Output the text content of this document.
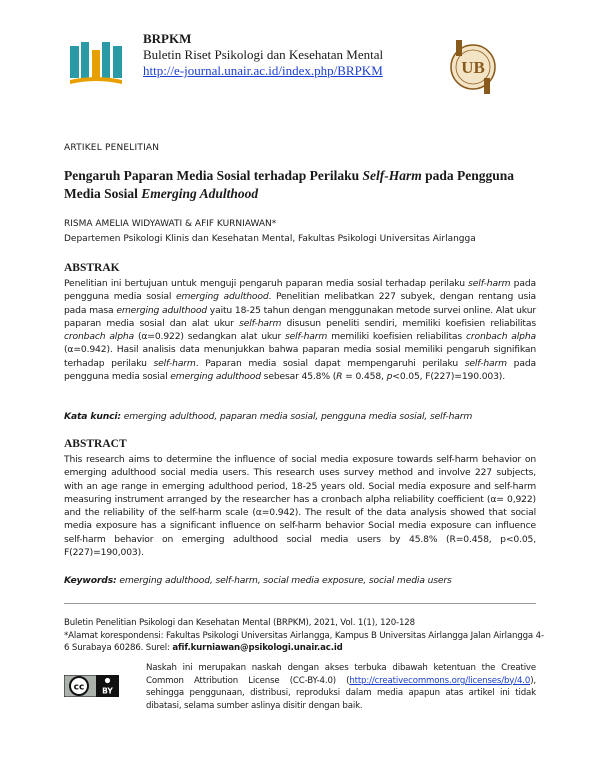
BRPKM
Buletin Riset Psikologi dan Kesehatan Mental
http://e-journal.unair.ac.id/index.php/BRPKM	UB
ARTIKEL PENELITIAN
Pengaruh Paparan Media Sosial terhadap Perilaku Self-Harm pada Pengguna Media Sosial Emerging Adulthood
RISMA AMELIA WIDYAWATI & AFIF KURNIAWAN*
Departemen Psikologi Klinis dan Kesehatan Mental, Fakultas Psikologi Universitas Airlangga
ABSTRAK
Penelitian ini bertujuan untuk menguji pengaruh paparan media sosial terhadap perilaku self-harm pada pengguna media sosial emerging adulthood. Penelitian melibatkan 227 subyek, dengan rentang usia pada masa emerging adulthood yaitu 18-25 tahun dengan menggunakan metode survei online. Alat ukur paparan media sosial dan alat ukur self-harm disusun peneliti sendiri, memiliki koefisien reliabilitas cronbach alpha (α=0.922) sedangkan alat ukur self-harm memiliki koefisien reliabilitas cronbach alpha (α=0.942). Hasil analisis data menunjukkan bahwa paparan media sosial memiliki pengaruh signifikan terhadap perilaku self-harm. Paparan media sosial dapat mempengaruhi perilaku self-harm pada pengguna media sosial emerging adulthood sebesar 45.8% (R = 0.458, p<0.05, F(227)=190.003).
Kata kunci: emerging adulthood, paparan media sosial, pengguna media sosial, self-harm
ABSTRACT
This research aims to determine the influence of social media exposure towards self-harm behavior on emerging adulthood social media users. This research uses survey method and involve 227 subjects, with an age range in emerging adulthood period, 18-25 years old. Social media exposure and self-harm measuring instrument arranged by the researcher has a cronbach alpha reliability coefficient (α= 0,922) and the reliability of the self-harm scale (α=0.942). The result of the data analysis showed that social media exposure has a significant influence on self-harm behavior Social media exposure can influence self-harm behavior on emerging adulthood social media users by 45.8% (R=0.458, p<0.05, F(227)=190,003).
Keywords: emerging adulthood, self-harm, social media exposure, social media users
Buletin Penelitian Psikologi dan Kesehatan Mental (BRPKM), 2021, Vol. 1(1), 120-128
*Alamat korespondensi: Fakultas Psikologi Universitas Airlangga, Kampus B Universitas Airlangga Jalan Airlangga 4-6 Surabaya 60286. Surel: afif.kurniawan@psikologi.unair.ac.id
cc BY
Naskah ini merupakan naskah dengan akses terbuka dibawah ketentuan the Creative Common Attribution License (CC-BY-4.0) (http://creativecommons.org/licenses/by/4.0), sehingga penggunaan, distribusi, reproduksi dalam media apapun atas artikel ini tidak dibatasi, selama sumber aslinya disitir dengan baik.
